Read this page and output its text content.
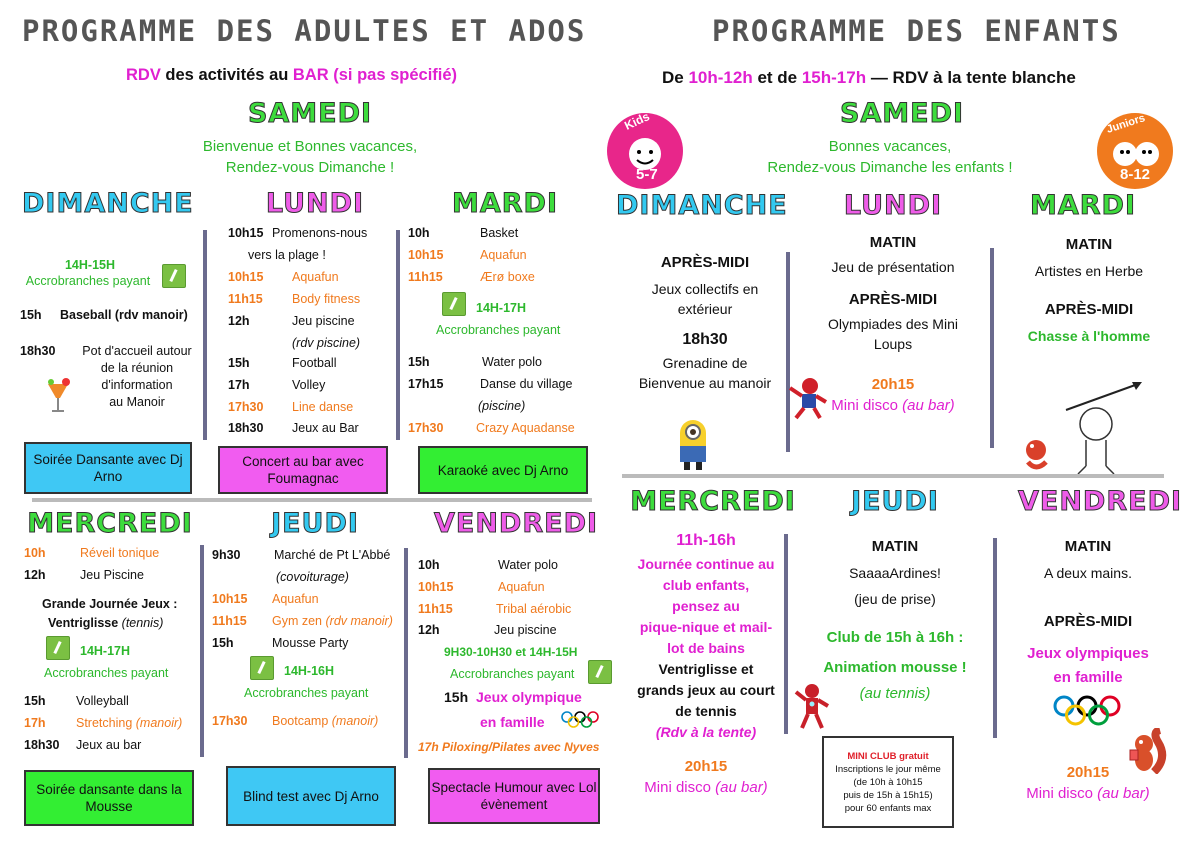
PROGRAMME DES ADULTES ET ADOS	PROGRAMME DES ENFANTS
RDV des activités au BAR (si pas spécifié)	De 10h-12h et de 15h-17h — RDV à la tente blanche
SAMEDI
Bienvenue et Bonnes vacances,
Rendez-vous Dimanche !
DIMANCHE
14H-15H
Accrobranches payant
15h Baseball (rdv manoir)
18h30	Pot d'accueil autour
de la réunion
d'information
au Manoir
Soirée Dansante avec Dj Arno
LUNDI
10h15 Promenons-nous
vers la plage !
10h15 Aquafun
11h15 Body fitness
12h	Jeu piscine
(rdv piscine)
15h	Football
17h	Volley
17h30 Line danse
18h30 Jeux au Bar
Concert au bar avec Foumagnac
MARDI
10h	Basket
10h15	Aquafun
11h15	Ærø boxe
14H-17H
Accrobranches payant
15h	Water polo
17h15	Danse du village
(piscine)
17h30	Crazy Aquadanse
Karaoké avec Dj Arno
MERCREDI
10h	Réveil tonique
12h	Jeu Piscine
Grande Journée Jeux :
Ventriglisse (tennis)
14H-17H
Accrobranches payant
15h Volleyball
17h Stretching (manoir)
18h30 Jeux au bar
Soirée dansante dans la Mousse
JEUDI
9h30	Marché de Pt L'Abbé
(covoiturage)
10h15 Aquafun
11h15 Gym zen (rdv manoir)
15h	Mousse Party
14H-16H
Accrobranches payant
17h30 Bootcamp (manoir)
Blind test avec Dj Arno
VENDREDI
10h	Water polo
10h15	Aquafun
11h15	Tribal aérobic
12h	Jeu piscine
9H30-10H30 et 14H-15H
Accrobranches payant
15h Jeux olympique
en famille
17h Piloxing/Pilates avec Nyves
Spectacle Humour avec Lol évènement
Kids
5-7
SAMEDI
Bonnes vacances,
Rendez-vous Dimanche les enfants !
Juniors
8-12
DIMANCHE
APRÈS-MIDI
Jeux collectifs en
extérieur
18h30
Grenadine de
Bienvenue au manoir
LUNDI
MATIN
Jeu de présentation
APRÈS-MIDI
Olympiades des Mini
Loups
20h15
Mini disco (au bar)
MARDI
MATIN
Artistes en Herbe
APRÈS-MIDI
Chasse à l'homme
MERCREDI
11h-16h
Journée continue au
club enfants,
pensez au
pique-nique et mail-
lot de bains
Ventriglisse et
grands jeux au court
de tennis
(Rdv à la tente)
20h15
Mini disco (au bar)
JEUDI
MATIN
SaaaaArdines!
(jeu de prise)
Club de 15h à 16h :
Animation mousse !
(au tennis)
MINI CLUB gratuit
Inscriptions le jour même
(de 10h à 10h15
puis de 15h à 15h15)
pour 60 enfants max
VENDREDI
MATIN
A deux mains.
APRÈS-MIDI
Jeux olympiques
en famille
20h15
Mini disco (au bar)
